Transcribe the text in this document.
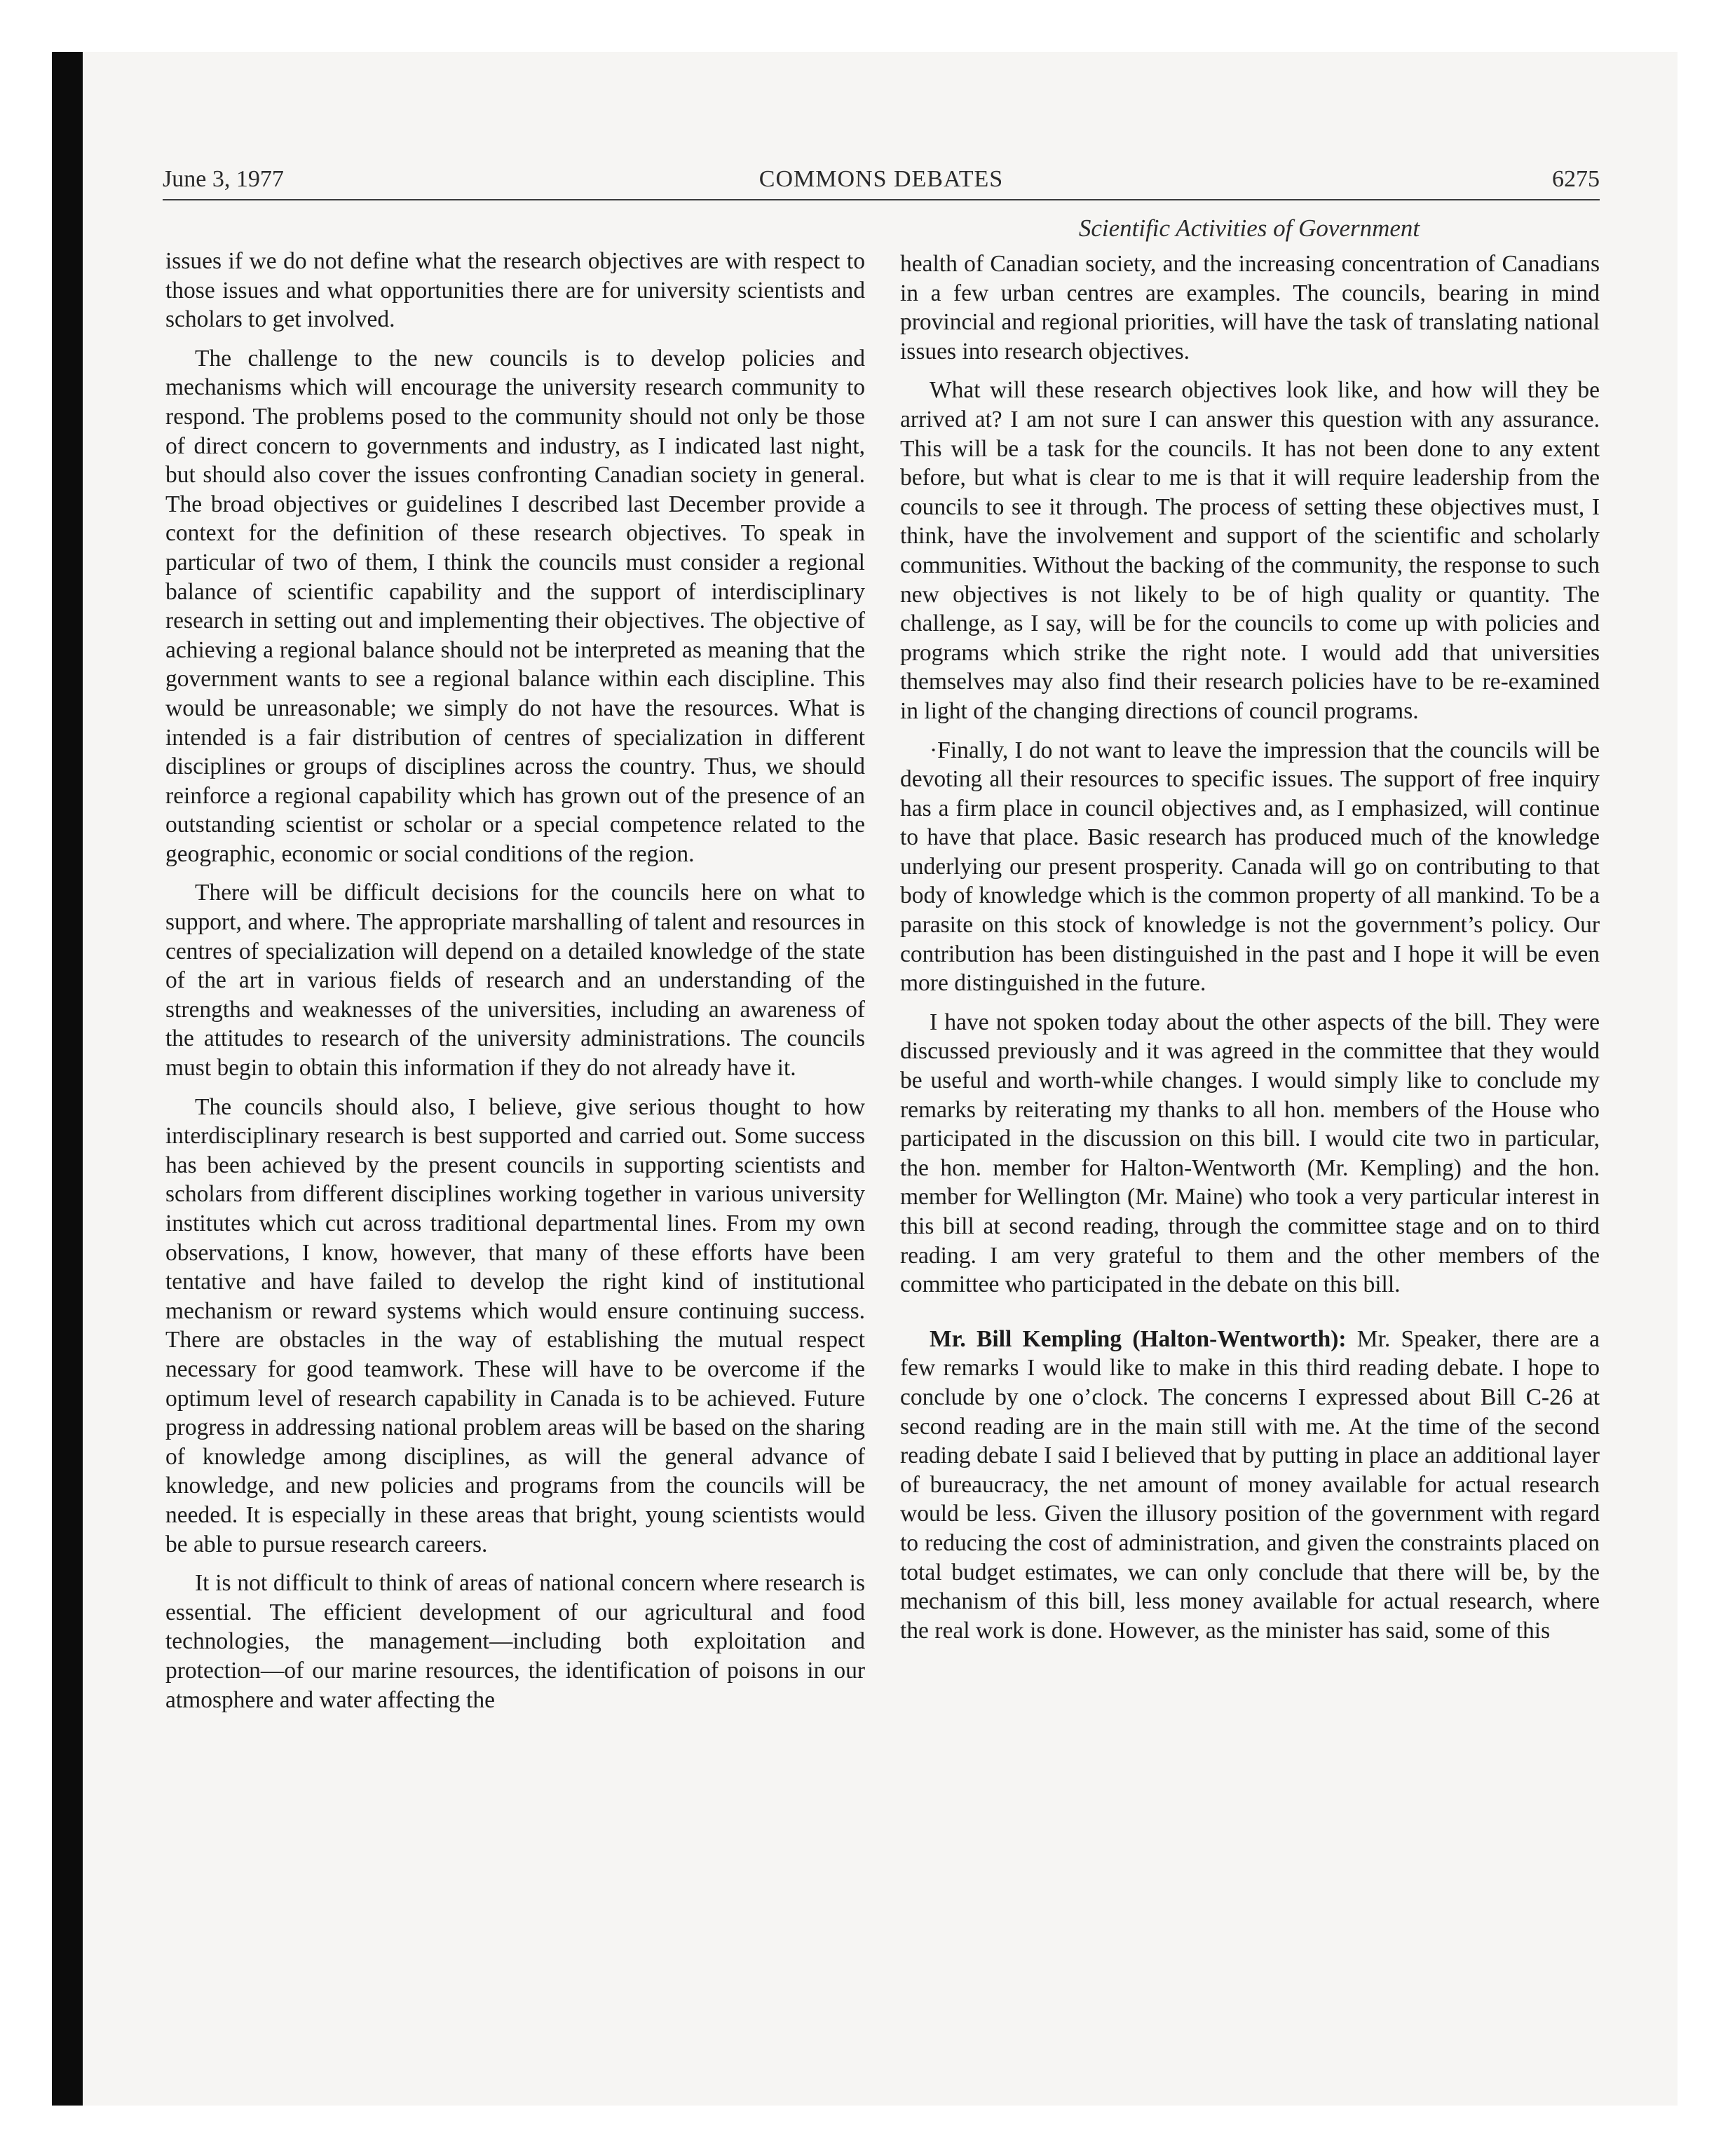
June 3, 1977	COMMONS DEBATES	6275
Scientific Activities of Government

issues if we do not define what the research objectives are with respect to those issues and what opportunities there are for university scientists and scholars to get involved.

The challenge to the new councils is to develop policies and mechanisms which will encourage the university research community to respond. The problems posed to the community should not only be those of direct concern to governments and industry, as I indicated last night, but should also cover the issues confronting Canadian society in general. The broad objectives or guidelines I described last December provide a context for the definition of these research objectives. To speak in particular of two of them, I think the councils must consider a regional balance of scientific capability and the support of interdisciplinary research in setting out and implementing their objectives. The objective of achieving a regional balance should not be interpreted as meaning that the government wants to see a regional balance within each discipline. This would be unreasonable; we simply do not have the resources. What is intended is a fair distribution of centres of specialization in different disciplines or groups of disciplines across the country. Thus, we should reinforce a regional capability which has grown out of the presence of an outstanding scientist or scholar or a special competence related to the geographic, economic or social conditions of the region.

There will be difficult decisions for the councils here on what to support, and where. The appropriate marshalling of talent and resources in centres of specialization will depend on a detailed knowledge of the state of the art in various fields of research and an understanding of the strengths and weaknesses of the universities, including an awareness of the attitudes to research of the university administrations. The councils must begin to obtain this information if they do not already have it.

The councils should also, I believe, give serious thought to how interdisciplinary research is best supported and carried out. Some success has been achieved by the present councils in supporting scientists and scholars from different disciplines working together in various university institutes which cut across traditional departmental lines. From my own observations, I know, however, that many of these efforts have been tentative and have failed to develop the right kind of institutional mechanism or reward systems which would ensure continuing success. There are obstacles in the way of establishing the mutual respect necessary for good teamwork. These will have to be overcome if the optimum level of research capability in Canada is to be achieved. Future progress in addressing national problem areas will be based on the sharing of knowledge among disciplines, as will the general advance of knowledge, and new policies and programs from the councils will be needed. It is especially in these areas that bright, young scientists would be able to pursue research careers.

It is not difficult to think of areas of national concern where research is essential. The efficient development of our agricultural and food technologies, the management—including both exploitation and protection—of our marine resources, the identification of poisons in our atmosphere and water affecting the

health of Canadian society, and the increasing concentration of Canadians in a few urban centres are examples. The councils, bearing in mind provincial and regional priorities, will have the task of translating national issues into research objectives.

What will these research objectives look like, and how will they be arrived at? I am not sure I can answer this question with any assurance. This will be a task for the councils. It has not been done to any extent before, but what is clear to me is that it will require leadership from the councils to see it through. The process of setting these objectives must, I think, have the involvement and support of the scientific and scholarly communities. Without the backing of the community, the response to such new objectives is not likely to be of high quality or quantity. The challenge, as I say, will be for the councils to come up with policies and programs which strike the right note. I would add that universities themselves may also find their research policies have to be re-examined in light of the changing directions of council programs.

·Finally, I do not want to leave the impression that the councils will be devoting all their resources to specific issues. The support of free inquiry has a firm place in council objectives and, as I emphasized, will continue to have that place. Basic research has produced much of the knowledge underlying our present prosperity. Canada will go on contributing to that body of knowledge which is the common property of all mankind. To be a parasite on this stock of knowledge is not the government’s policy. Our contribution has been distinguished in the past and I hope it will be even more distinguished in the future.

I have not spoken today about the other aspects of the bill. They were discussed previously and it was agreed in the committee that they would be useful and worth-while changes. I would simply like to conclude my remarks by reiterating my thanks to all hon. members of the House who participated in the discussion on this bill. I would cite two in particular, the hon. member for Halton-Wentworth (Mr. Kempling) and the hon. member for Wellington (Mr. Maine) who took a very particular interest in this bill at second reading, through the committee stage and on to third reading. I am very grateful to them and the other members of the committee who participated in the debate on this bill.

Mr. Bill Kempling (Halton-Wentworth): Mr. Speaker, there are a few remarks I would like to make in this third reading debate. I hope to conclude by one o’clock. The concerns I expressed about Bill C-26 at second reading are in the main still with me. At the time of the second reading debate I said I believed that by putting in place an additional layer of bureaucracy, the net amount of money available for actual research would be less. Given the illusory position of the government with regard to reducing the cost of administration, and given the constraints placed on total budget estimates, we can only conclude that there will be, by the mechanism of this bill, less money available for actual research, where the real work is done. However, as the minister has said, some of this
